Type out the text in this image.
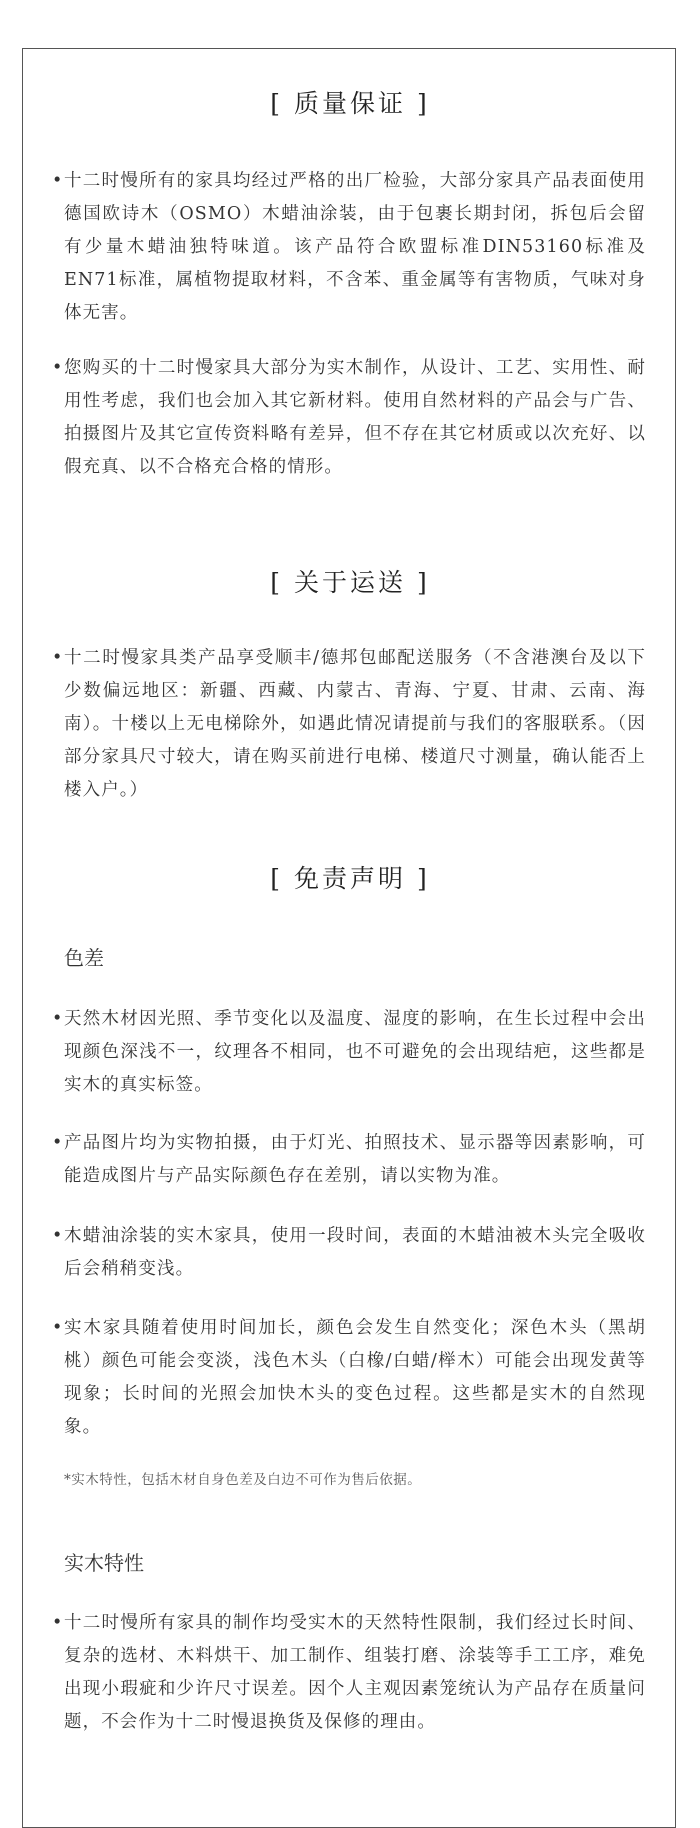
[ 质量保证 ]

• 十二时慢所有的家具均经过严格的出厂检验，大部分家具产品表面使用德国欧诗木（OSMO）木蜡油涂装，由于包裹长期封闭，拆包后会留有少量木蜡油独特味道。该产品符合欧盟标准DIN53160标准及EN71标准，属植物提取材料，不含苯、重金属等有害物质，气味对身体无害。

• 您购买的十二时慢家具大部分为实木制作，从设计、工艺、实用性、耐用性考虑，我们也会加入其它新材料。使用自然材料的产品会与广告、拍摄图片及其它宣传资料略有差异，但不存在其它材质或以次充好、以假充真、以不合格充合格的情形。

[ 关于运送 ]

• 十二时慢家具类产品享受顺丰/德邦包邮配送服务（不含港澳台及以下少数偏远地区：新疆、西藏、内蒙古、青海、宁夏、甘肃、云南、海南）。十楼以上无电梯除外，如遇此情况请提前与我们的客服联系。（因部分家具尺寸较大，请在购买前进行电梯、楼道尺寸测量，确认能否上楼入户。）

[ 免责声明 ]
色差

• 天然木材因光照、季节变化以及温度、湿度的影响，在生长过程中会出现颜色深浅不一，纹理各不相同，也不可避免的会出现结疤，这些都是实木的真实标签。

• 产品图片均为实物拍摄，由于灯光、拍照技术、显示器等因素影响，可能造成图片与产品实际颜色存在差别，请以实物为准。

• 木蜡油涂装的实木家具，使用一段时间，表面的木蜡油被木头完全吸收后会稍稍变浅。

• 实木家具随着使用时间加长，颜色会发生自然变化；深色木头（黑胡桃）颜色可能会变淡，浅色木头（白橡/白蜡/榉木）可能会出现发黄等现象；长时间的光照会加快木头的变色过程。这些都是实木的自然现象。

*实木特性，包括木材自身色差及白边不可作为售后依据。

实木特性

• 十二时慢所有家具的制作均受实木的天然特性限制，我们经过长时间、复杂的选材、木料烘干、加工制作、组装打磨、涂装等手工工序，难免出现小瑕疵和少许尺寸误差。因个人主观因素笼统认为产品存在质量问题，不会作为十二时慢退换货及保修的理由。
